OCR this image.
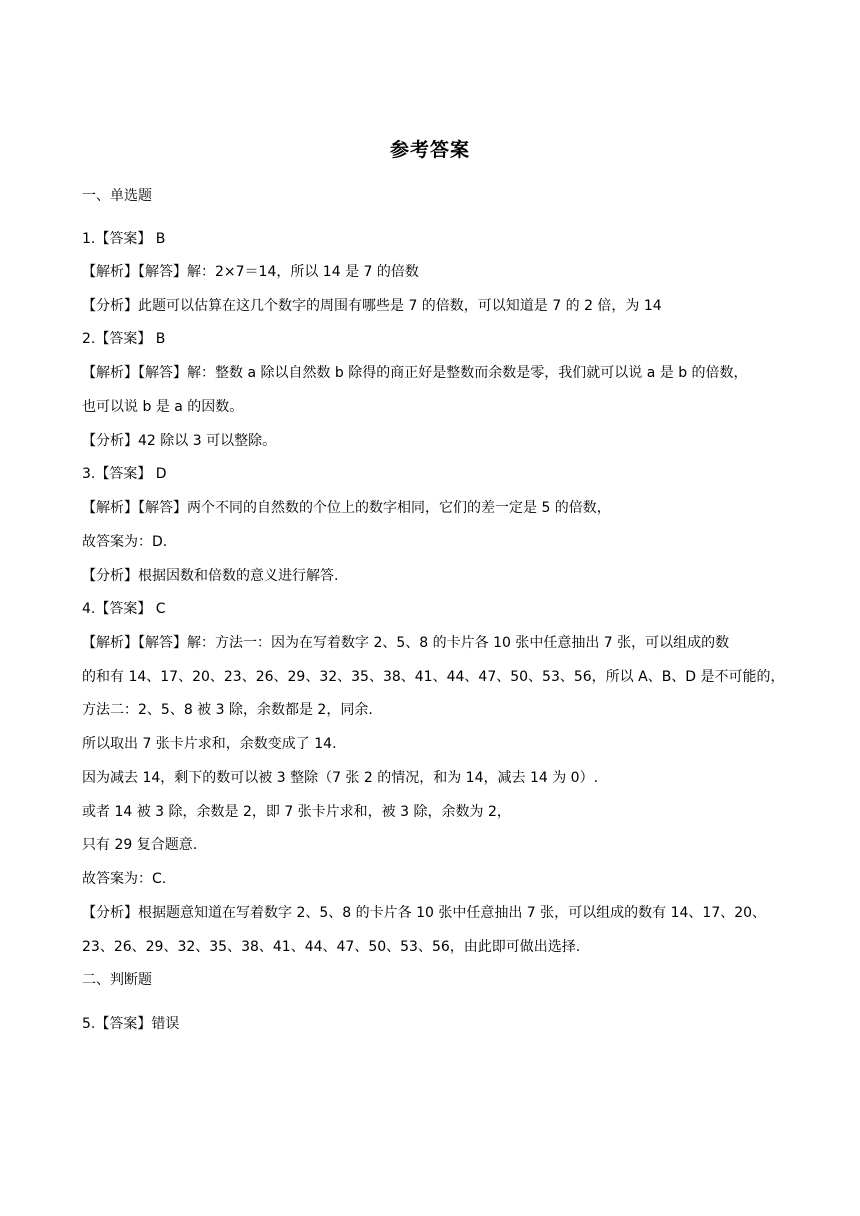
参考答案
一、单选题
1.【答案】 B
【解析】【解答】解：2×7＝14，所以 14 是 7 的倍数
【分析】此题可以估算在这几个数字的周围有哪些是 7 的倍数，可以知道是 7 的 2 倍，为 14
2.【答案】 B
【解析】【解答】解：整数 a 除以自然数 b 除得的商正好是整数而余数是零，我们就可以说 a 是 b 的倍数，
也可以说 b 是 a 的因数。
【分析】42 除以 3 可以整除。
3.【答案】 D
【解析】【解答】两个不同的自然数的个位上的数字相同，它们的差一定是 5 的倍数，
故答案为：D.
【分析】根据因数和倍数的意义进行解答.
4.【答案】 C
【解析】【解答】解：方法一：因为在写着数字 2、5、8 的卡片各 10 张中任意抽出 7 张，可以组成的数
的和有 14、17、20、23、26、29、32、35、38、41、44、47、50、53、56，所以 A、B、D 是不可能的，
方法二：2、5、8 被 3 除，余数都是 2，同余.
所以取出 7 张卡片求和，余数变成了 14.
因为减去 14，剩下的数可以被 3 整除（7 张 2 的情况，和为 14，减去 14 为 0）.
或者 14 被 3 除，余数是 2，即 7 张卡片求和，被 3 除，余数为 2，
只有 29 复合题意.
故答案为：C.
【分析】根据题意知道在写着数字 2、5、8 的卡片各 10 张中任意抽出 7 张，可以组成的数有 14、17、20、
23、26、29、32、35、38、41、44、47、50、53、56，由此即可做出选择.
二、判断题
5.【答案】错误
